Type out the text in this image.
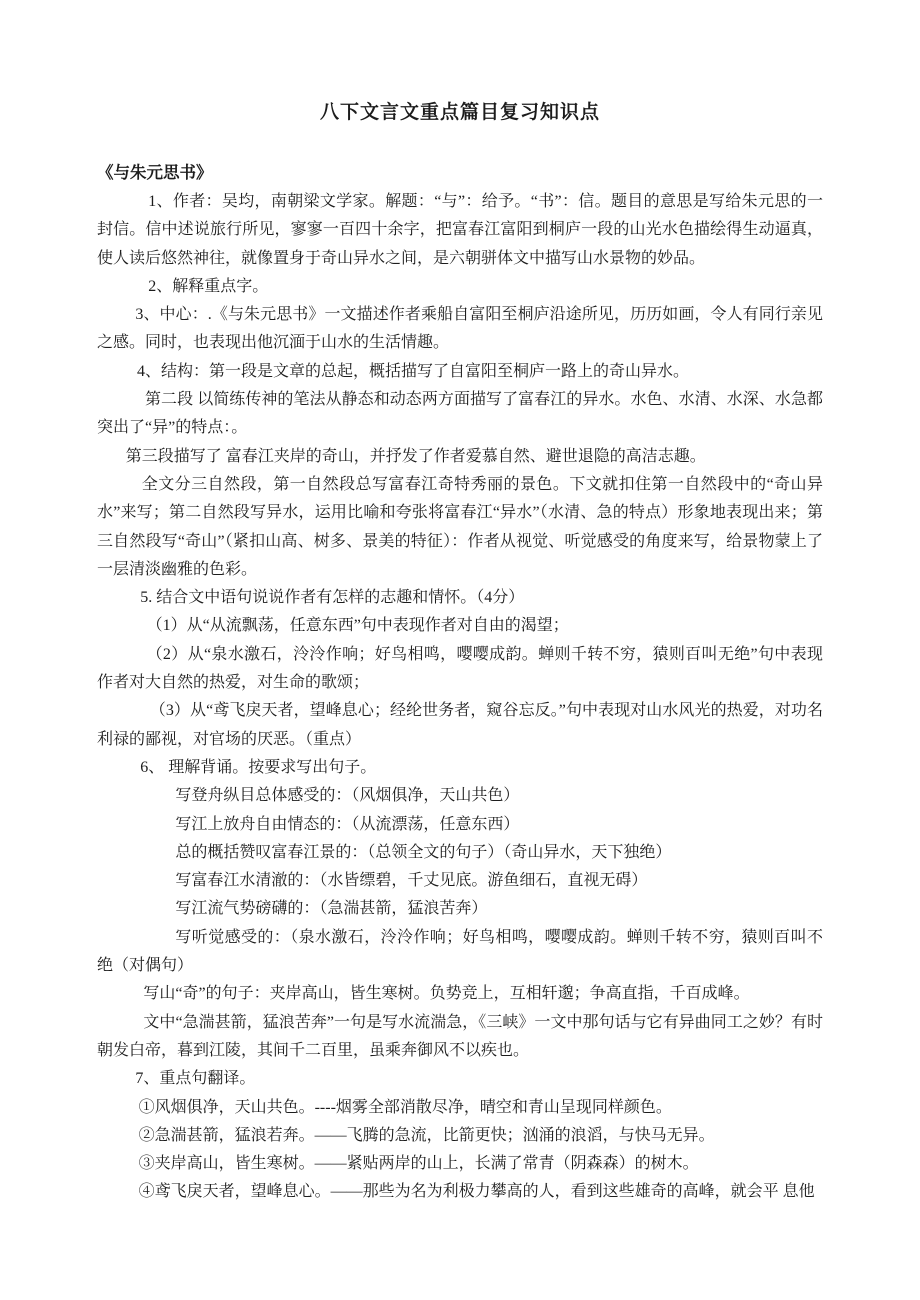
八下文言文重点篇目复习知识点
《与朱元思书》

1、作者：吴均，南朝梁文学家。解题：“与”：给予。“书”：信。题目的意思是写给朱元思的一封信。信中述说旅行所见，寥寥一百四十余字，把富春江富阳到桐庐一段的山光水色描绘得生动逼真，使人读后悠然神往，就像置身于奇山异水之间，是六朝骈体文中描写山水景物的妙品。

2、解释重点字。

3、中心：.《与朱元思书》一文描述作者乘船自富阳至桐庐沿途所见，历历如画，令人有同行亲见之感。同时，也表现出他沉湎于山水的生活情趣。

4、结构：第一段是文章的总起，概括描写了自富阳至桐庐一路上的奇山异水。

第二段 以简练传神的笔法从静态和动态两方面描写了富春江的异水。水色、水清、水深、水急都突出了“异”的特点：。

第三段描写了 富春江夹岸的奇山，并抒发了作者爱慕自然、避世退隐的高洁志趣。

全文分三自然段，第一自然段总写富春江奇特秀丽的景色。下文就扣住第一自然段中的“奇山异水”来写；第二自然段写异水，运用比喻和夸张将富春江“异水”（水清、急的特点）形象地表现出来；第三自然段写“奇山”（紧扣山高、树多、景美的特征）：作者从视觉、听觉感受的角度来写，给景物蒙上了一层清淡幽雅的色彩。

5. 结合文中语句说说作者有怎样的志趣和情怀。（4分）

（1）从“从流飘荡，任意东西”句中表现作者对自由的渴望；

（2）从“泉水激石，泠泠作响；好鸟相鸣，嘤嘤成韵。蝉则千转不穷，猿则百叫无绝”句中表现作者对大自然的热爱，对生命的歌颂；

（3）从“鸢飞戾天者，望峰息心；经纶世务者，窥谷忘反。”句中表现对山水风光的热爱，对功名利禄的鄙视，对官场的厌恶。（重点）

6、 理解背诵。按要求写出句子。

写登舟纵目总体感受的：（风烟俱净，天山共色）

写江上放舟自由情态的：（从流漂荡，任意东西）

总的概括赞叹富春江景的：（总领全文的句子）（奇山异水，天下独绝）

写富春江水清澈的：（水皆缥碧，千丈见底。游鱼细石，直视无碍）

写江流气势磅礴的：（急湍甚箭，猛浪苦奔）

写听觉感受的：（泉水激石，泠泠作响；好鸟相鸣，嘤嘤成韵。蝉则千转不穷，猿则百叫不绝（对偶句）

写山“奇”的句子：夹岸高山，皆生寒树。负势竞上，互相轩邈；争高直指，千百成峰。

文中“急湍甚箭，猛浪苦奔”一句是写水流湍急，《三峡》一文中那句话与它有异曲同工之妙？有时朝发白帝，暮到江陵，其间千二百里，虽乘奔御风不以疾也。

7、重点句翻译。

①风烟俱净，天山共色。----烟雾全部消散尽净，晴空和青山呈现同样颜色。

②急湍甚箭，猛浪若奔。——飞腾的急流，比箭更快；汹涌的浪滔，与快马无异。

③夹岸高山，皆生寒树。——紧贴两岸的山上，长满了常青（阴森森）的树木。

④鸢飞戾天者，望峰息心。——那些为名为利极力攀高的人，看到这些雄奇的高峰，就会平 息他
